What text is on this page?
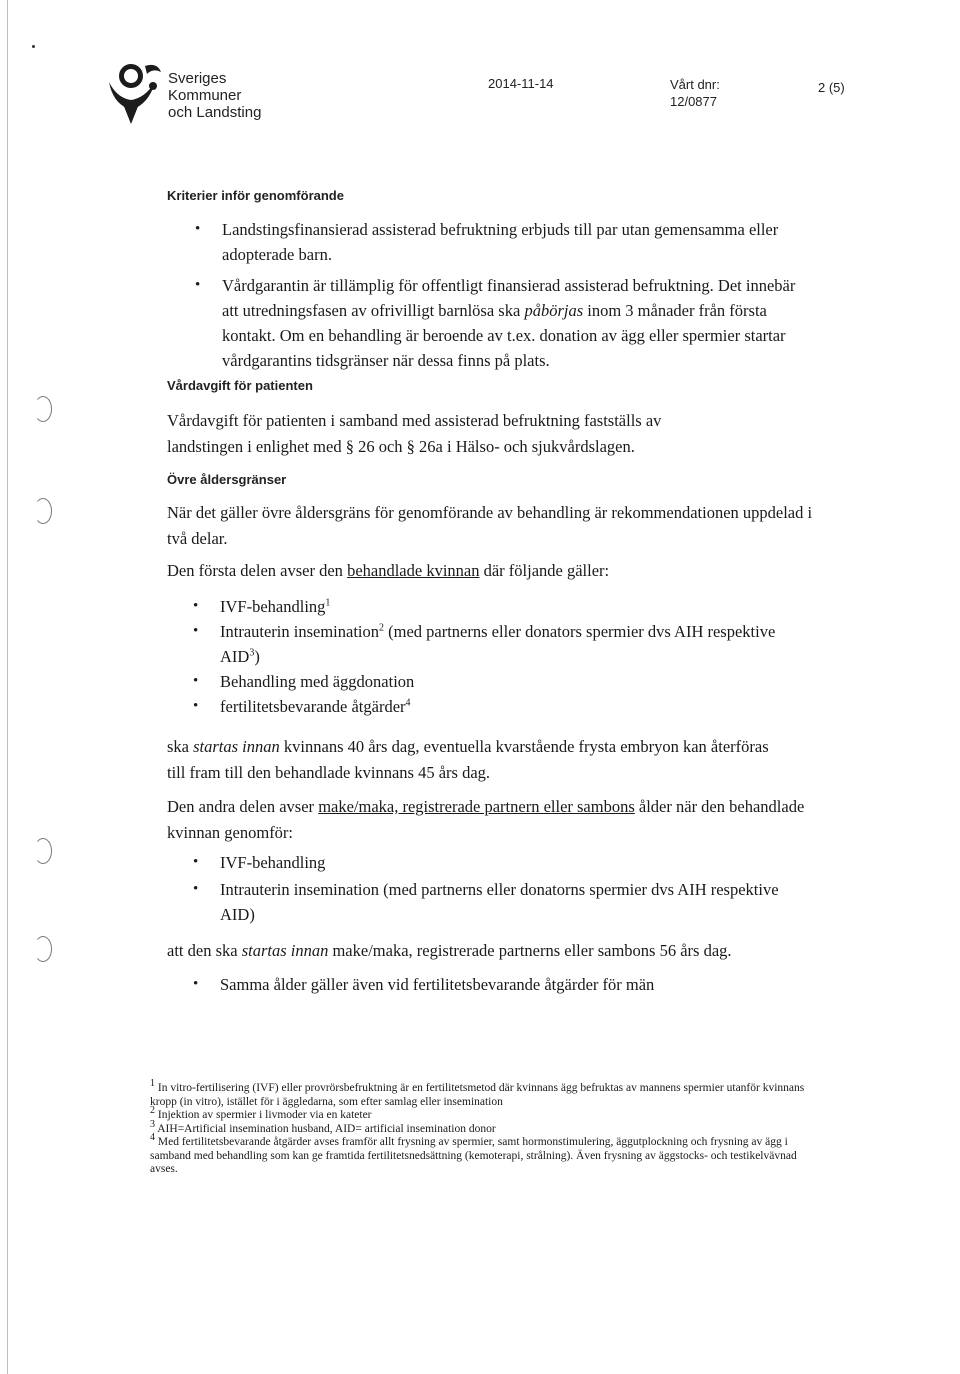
Sveriges
Kommuner
och Landsting
2014-11-14	Vårt dnr:
12/0877
2 (5)
Kriterier inför genomförande
• Landstingsfinansierad assisterad befruktning erbjuds till par utan gemensamma eller adopterade barn.
• Vårdgarantin är tillämplig för offentligt finansierad assisterad befruktning. Det innebär att utredningsfasen av ofrivilligt barnlösa ska påbörjas inom 3 månader från första kontakt. Om en behandling är beroende av t.ex. donation av ägg eller spermier startar vårdgarantins tidsgränser när dessa finns på plats.
Vårdavgift för patienten
Vårdavgift för patienten i samband med assisterad befruktning fastställs av landstingen i enlighet med § 26 och § 26a i Hälso- och sjukvårdslagen.
Övre åldersgränser
När det gäller övre åldersgräns för genomförande av behandling är rekommendationen uppdelad i två delar.
Den första delen avser den behandlade kvinnan där följande gäller:
• IVF-behandling$^1$
• Intrauterin insemination$^2$ (med partnerns eller donators spermier dvs AIH respektive AID$^3$)
• Behandling med äggdonation
• fertilitetsbevarande åtgärder$^4$
ska startas innan kvinnans 40 års dag, eventuella kvarstående frysta embryon kan återföras till fram till den behandlade kvinnans 45 års dag.
Den andra delen avser make/maka, registrerade partnern eller sambons ålder när den behandlade kvinnan genomför:
• IVF-behandling
• Intrauterin insemination (med partnerns eller donatorns spermier dvs AIH respektive AID)
att den ska startas innan make/maka, registrerade partnerns eller sambons 56 års dag.
• Samma ålder gäller även vid fertilitetsbevarande åtgärder för män
$^1$ In vitro-fertilisering (IVF) eller provrörsbefruktning är en fertilitetsmetod där kvinnans ägg befruktas av mannens spermier utanför kvinnans kropp (in vitro), istället för i äggledarna, som efter samlag eller insemination
$^2$ Injektion av spermier i livmoder via en kateter
$^3$ AIH=Artificial insemination husband, AID= artificial insemination donor
$^4$ Med fertilitetsbevarande åtgärder avses framför allt frysning av spermier, samt hormonstimulering, äggutplockning och frysning av ägg i samband med behandling som kan ge framtida fertilitetsnedsättning (kemoterapi, strålning). Även frysning av äggstocks- och testikelvävnad avses.
